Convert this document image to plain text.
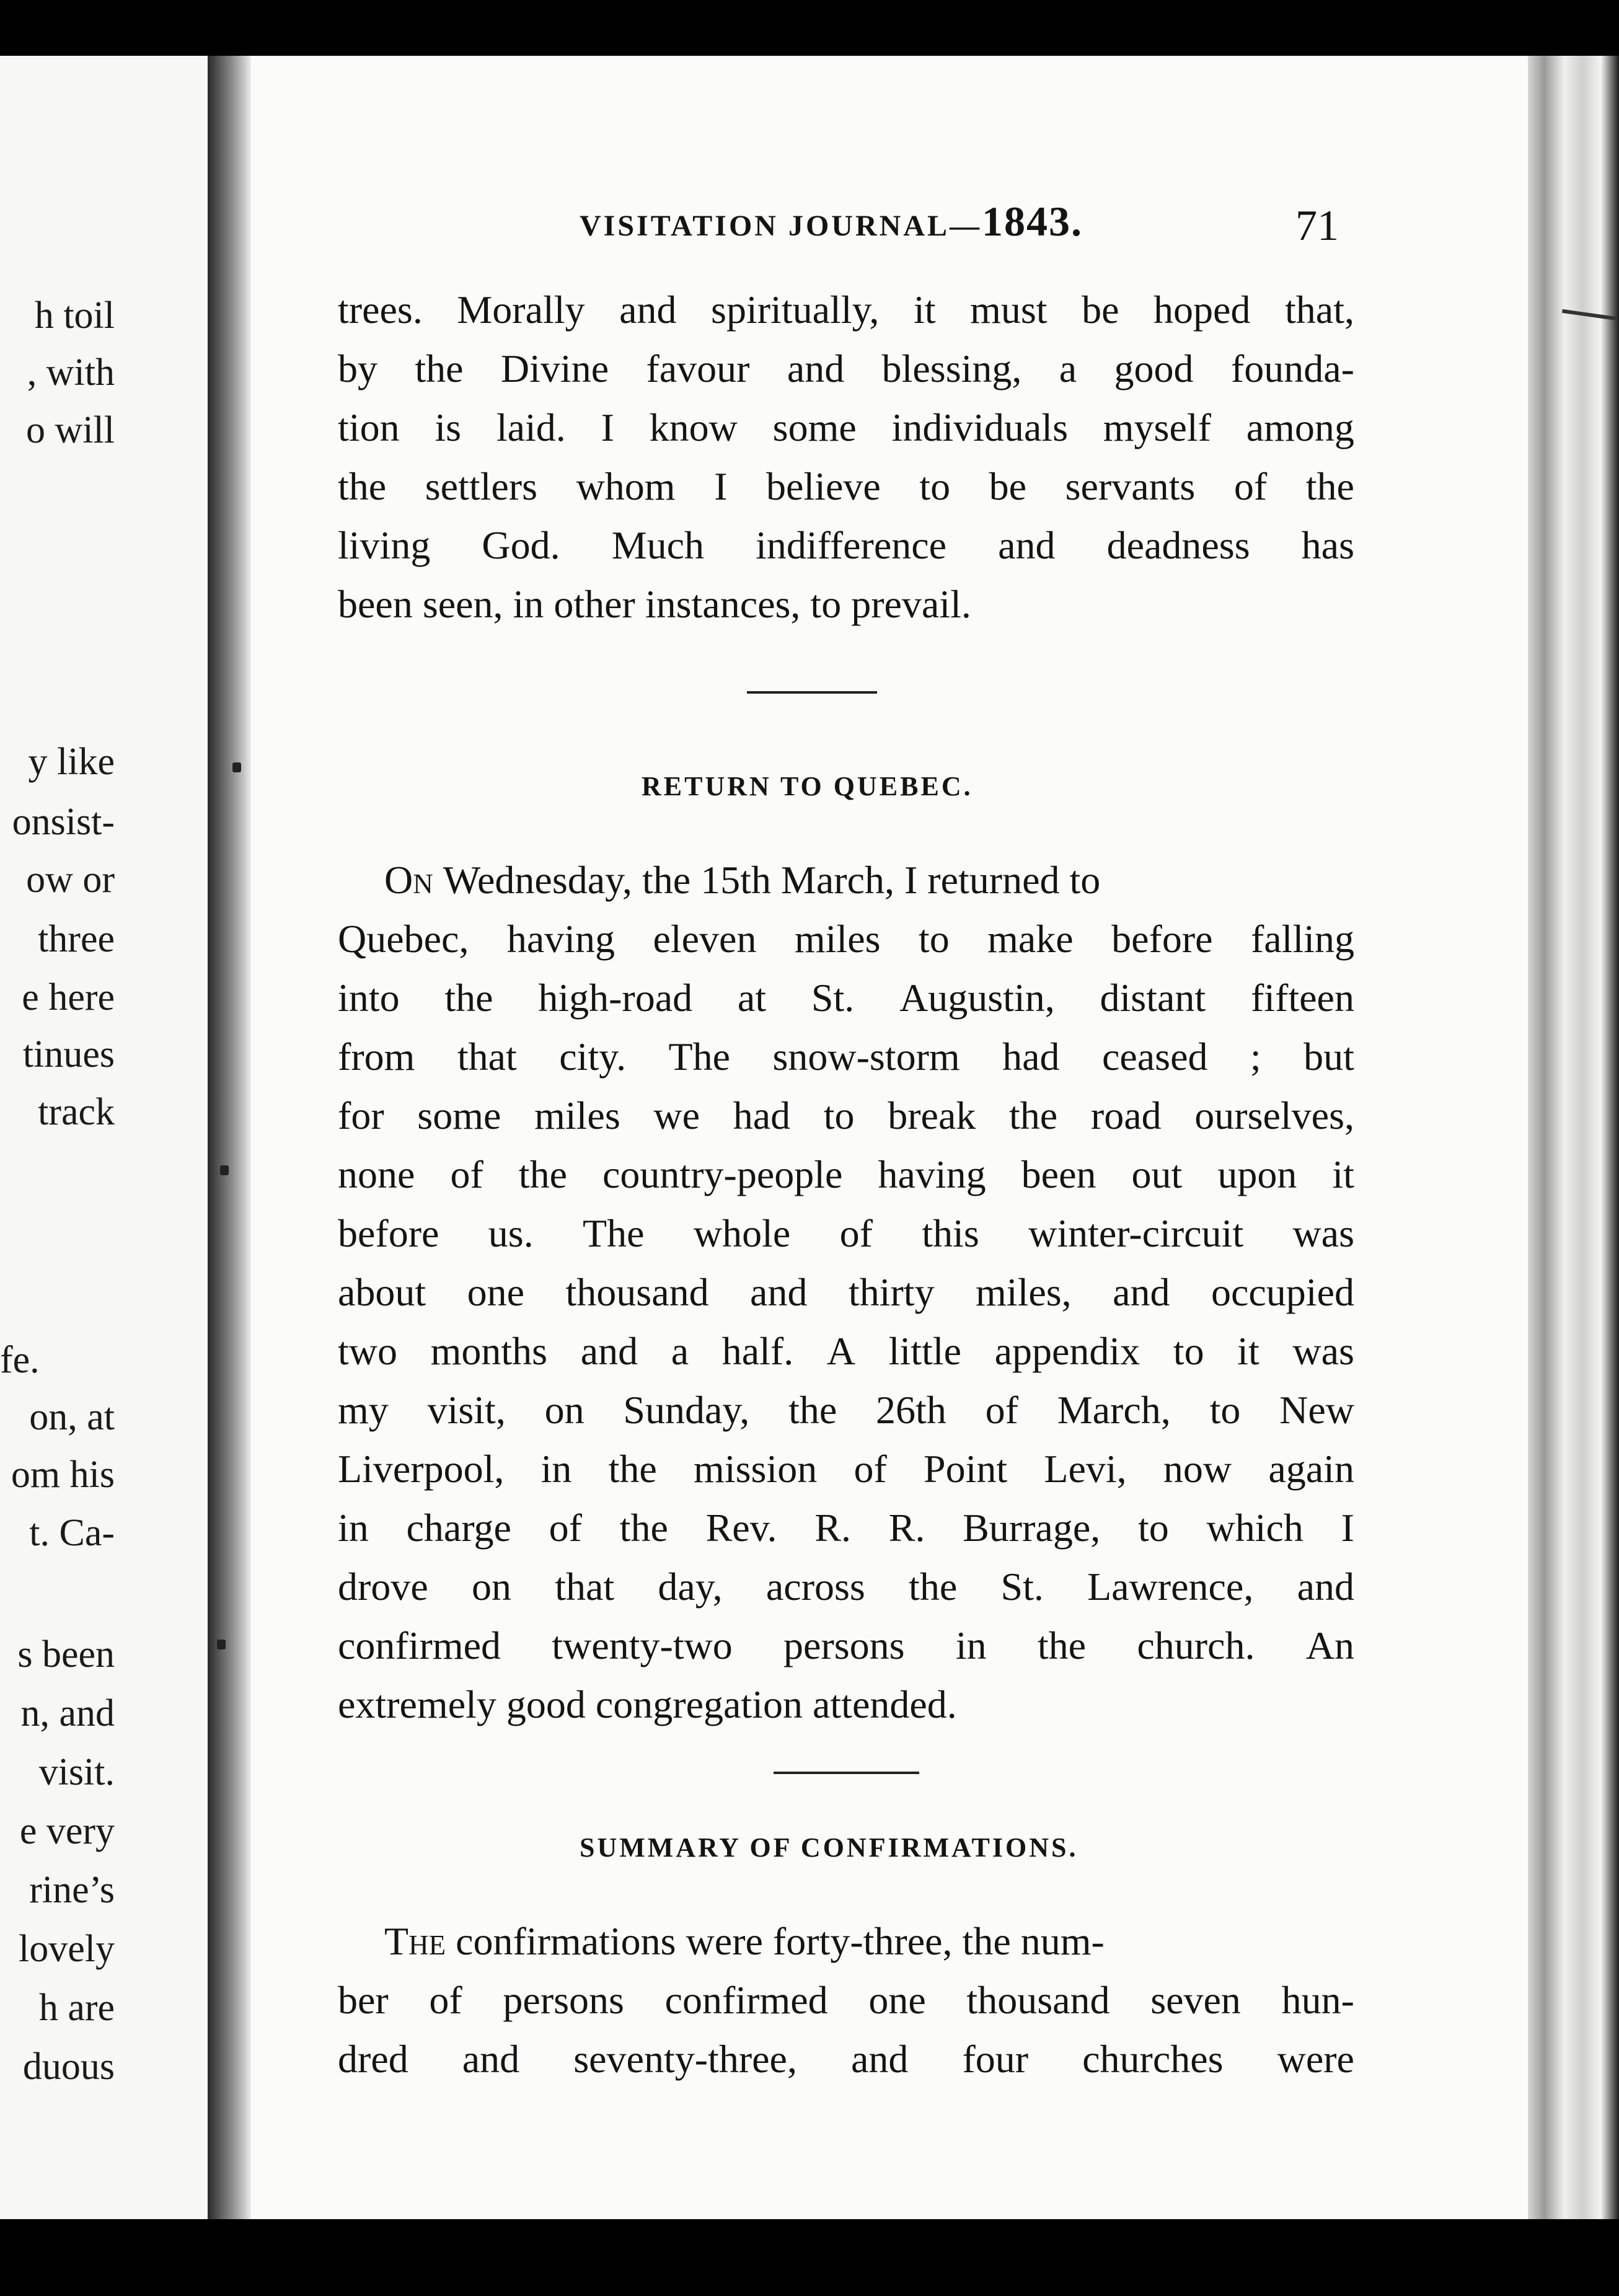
h toil
, with
o will
y like
onsist-
ow or
three
e here
tinues
track
fe.
on, at
om his
t. Ca-
s been
n, and
visit.
e very
rine’s
lovely
h are
duous
VISITATION JOURNAL—1843.	71
trees. Morally and spiritually, it must be hoped that,
by the Divine favour and blessing, a good founda-
tion is laid. I know some individuals myself among
the settlers whom I believe to be servants of the
living God. Much indifference and deadness has
been seen, in other instances, to prevail.
RETURN TO QUEBEC.
On Wednesday, the 15th March, I returned to
Quebec, having eleven miles to make before falling
into the high-road at St. Augustin, distant fifteen
from that city. The snow-storm had ceased ; but
for some miles we had to break the road ourselves,
none of the country-people having been out upon it
before us. The whole of this winter-circuit was
about one thousand and thirty miles, and occupied
two months and a half. A little appendix to it was
my visit, on Sunday, the 26th of March, to New
Liverpool, in the mission of Point Levi, now again
in charge of the Rev. R. R. Burrage, to which I
drove on that day, across the St. Lawrence, and
confirmed twenty-two persons in the church. An
extremely good congregation attended.
SUMMARY OF CONFIRMATIONS.
The confirmations were forty-three, the num-
ber of persons confirmed one thousand seven hun-
dred and seventy-three, and four churches were
